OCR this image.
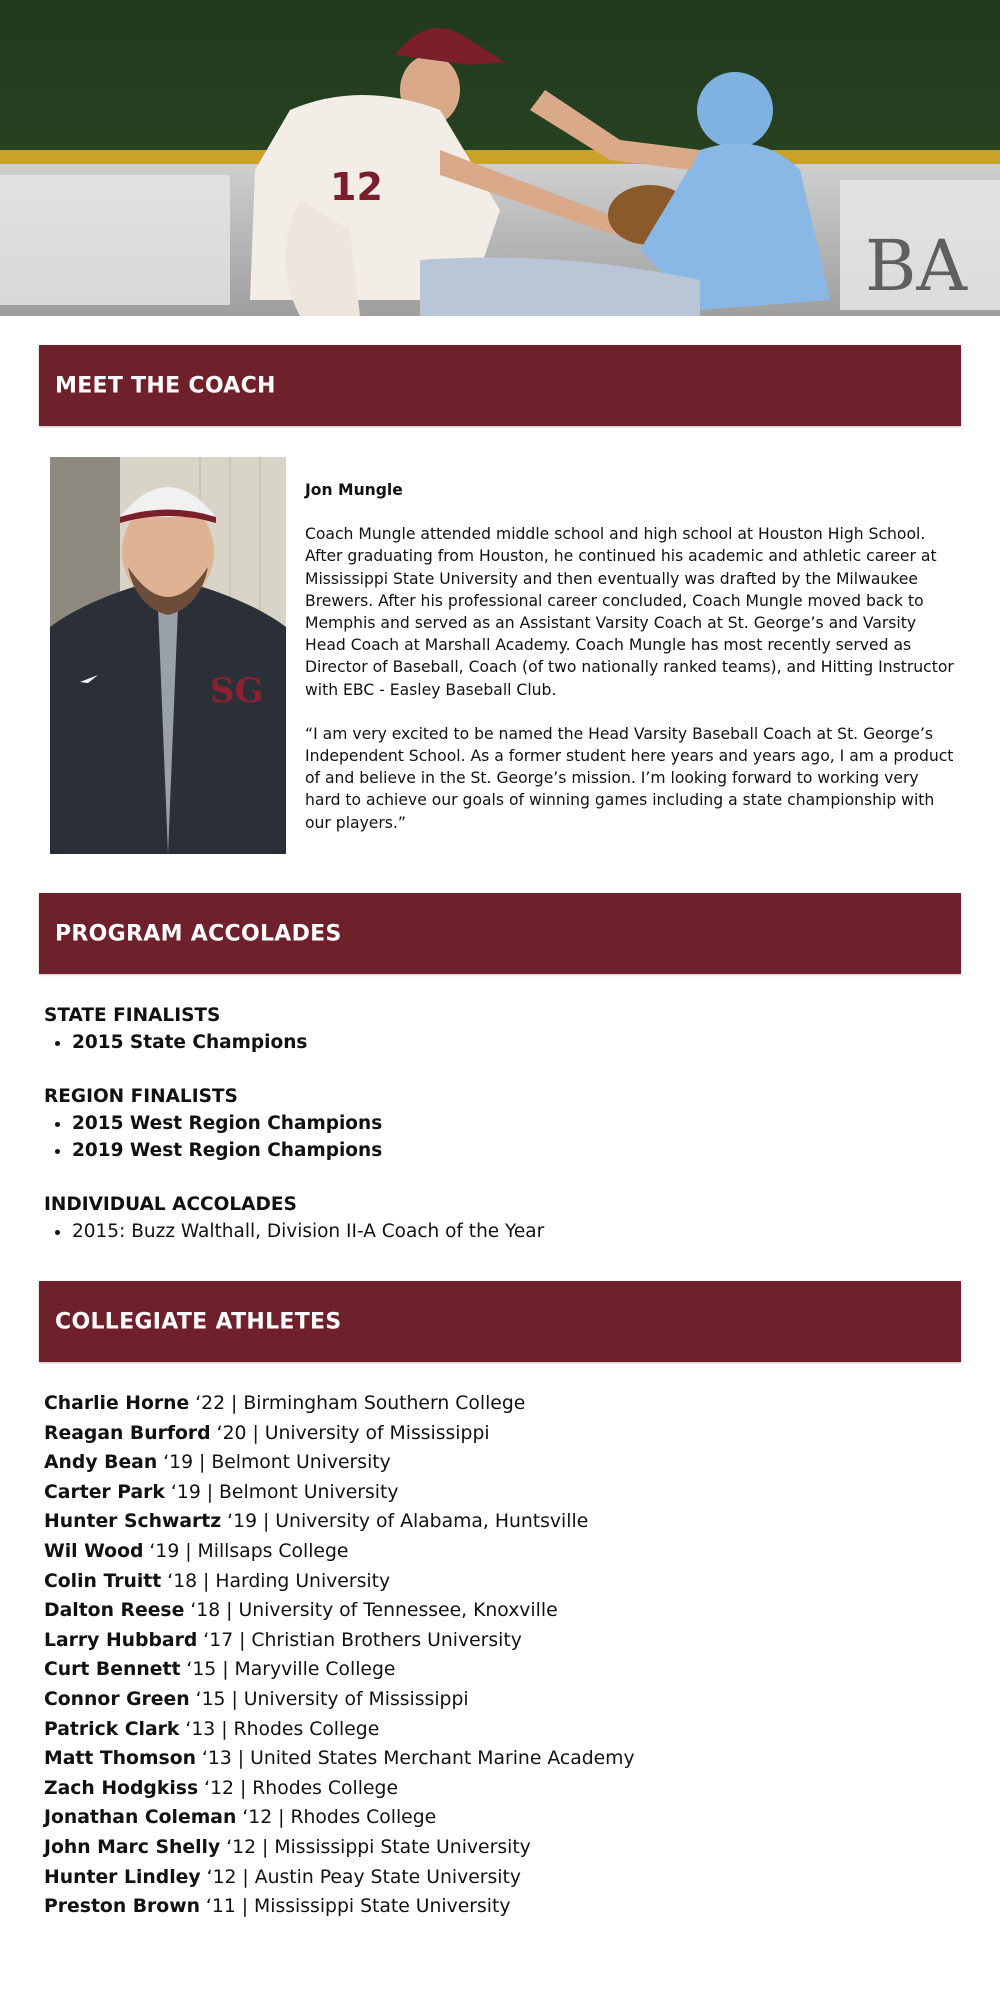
BA
12
MEET THE COACH
SG
Jon Mungle

Coach Mungle attended middle school and high school at Houston High School. After graduating from Houston, he continued his academic and athletic career at Mississippi State University and then eventually was drafted by the Milwaukee Brewers. After his professional career concluded, Coach Mungle moved back to Memphis and served as an Assistant Varsity Coach at St. George’s and Varsity Head Coach at Marshall Academy. Coach Mungle has most recently served as Director of Baseball, Coach (of two nationally ranked teams), and Hitting Instructor with EBC - Easley Baseball Club.

“I am very excited to be named the Head Varsity Baseball Coach at St. George’s Independent School. As a former student here years and years ago, I am a product of and believe in the St. George’s mission. I’m looking forward to working very hard to achieve our goals of winning games including a state championship with our players.”

PROGRAM ACCOLADES
STATE FINALISTS
• 2015 State Champions
REGION FINALISTS
• 2015 West Region Champions
• 2019 West Region Champions
INDIVIDUAL ACCOLADES
• 2015: Buzz Walthall, Division II-A Coach of the Year
COLLEGIATE ATHLETES
Charlie Horne ‘22 | Birmingham Southern College
Reagan Burford ‘20 | University of Mississippi
Andy Bean ‘19 | Belmont University
Carter Park ‘19 | Belmont University
Hunter Schwartz ‘19 | University of Alabama, Huntsville
Wil Wood ‘19 | Millsaps College
Colin Truitt ‘18 | Harding University
Dalton Reese ‘18 | University of Tennessee, Knoxville
Larry Hubbard ‘17 | Christian Brothers University
Curt Bennett ‘15 | Maryville College
Connor Green ‘15 | University of Mississippi
Patrick Clark ‘13 | Rhodes College
Matt Thomson ‘13 | United States Merchant Marine Academy
Zach Hodgkiss ‘12 | Rhodes College
Jonathan Coleman ‘12 | Rhodes College
John Marc Shelly ‘12 | Mississippi State University
Hunter Lindley ‘12 | Austin Peay State University
Preston Brown ‘11 | Mississippi State University
